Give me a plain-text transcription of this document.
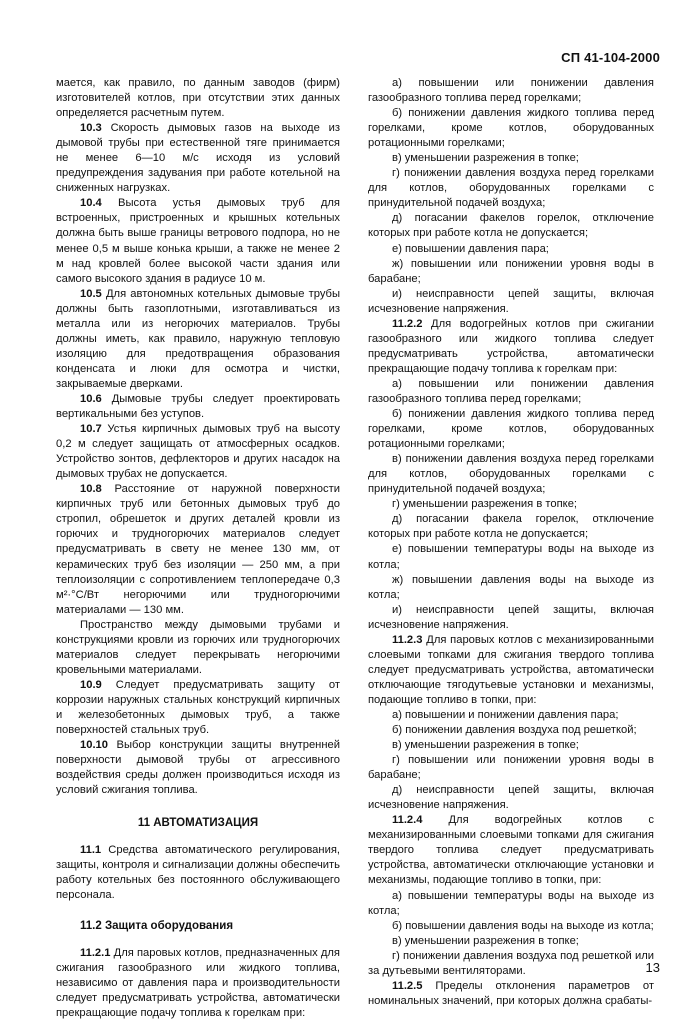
СП 41-104-2000

мается, как правило, по данным заводов (фирм) изготовителей котлов, при отсутствии этих данных определяется расчетным путем.

10.3 Скорость дымовых газов на выходе из дымовой трубы при естественной тяге принимается не менее 6—10 м/с исходя из условий предупреждения задувания при работе котельной на сниженных нагрузках.

10.4 Высота устья дымовых труб для встроенных, пристроенных и крышных котельных должна быть выше границы ветрового подпора, но не менее 0,5 м выше конька крыши, а также не менее 2 м над кровлей более высокой части здания или самого высокого здания в радиусе 10 м.

10.5 Для автономных котельных дымовые трубы должны быть газоплотными, изготавливаться из металла или из негорючих материалов. Трубы должны иметь, как правило, наружную тепловую изоляцию для предотвращения образования конденсата и люки для осмотра и чистки, закрываемые дверками.

10.6 Дымовые трубы следует проектировать вертикальными без уступов.

10.7 Устья кирпичных дымовых труб на высоту 0,2 м следует защищать от атмосферных осадков. Устройство зонтов, дефлекторов и других насадок на дымовых трубах не допускается.

10.8 Расстояние от наружной поверхности кирпичных труб или бетонных дымовых труб до стропил, обрешеток и других деталей кровли из горючих и трудногорючих материалов следует предусматривать в свету не менее 130 мм, от керамических труб без изоляции — 250 мм, а при теплоизоляции с сопротивлением теплопередаче 0,3 м²·°С/Вт негорючими или трудногорючими материалами — 130 мм.

Пространство между дымовыми трубами и конструкциями кровли из горючих или трудногорючих материалов следует перекрывать негорючими кровельными материалами.

10.9 Следует предусматривать защиту от коррозии наружных стальных конструкций кирпичных и железобетонных дымовых труб, а также поверхностей стальных труб.

10.10 Выбор конструкции защиты внутренней поверхности дымовой трубы от агрессивного воздействия среды должен производиться исходя из условий сжигания топлива.

11 АВТОМАТИЗАЦИЯ

11.1 Средства автоматического регулирования, защиты, контроля и сигнализации должны обеспечить работу котельных без постоянного обслуживающего персонала.

11.2 Защита оборудования

11.2.1 Для паровых котлов, предназначенных для сжигания газообразного или жидкого топлива, независимо от давления пара и производительности следует предусматривать устройства, автоматически прекращающие подачу топлива к горелкам при:

а) повышении или понижении давления газообразного топлива перед горелками;

б) понижении давления жидкого топлива перед горелками, кроме котлов, оборудованных ротационными горелками;

в) уменьшении разрежения в топке;

г) понижении давления воздуха перед горелками для котлов, оборудованных горелками с принудительной подачей воздуха;

д) погасании факелов горелок, отключение которых при работе котла не допускается;

е) повышении давления пара;

ж) повышении или понижении уровня воды в барабане;

и) неисправности цепей защиты, включая исчезновение напряжения.

11.2.2 Для водогрейных котлов при сжигании газообразного или жидкого топлива следует предусматривать устройства, автоматически прекращающие подачу топлива к горелкам при:

а) повышении или понижении давления газообразного топлива перед горелками;

б) понижении давления жидкого топлива перед горелками, кроме котлов, оборудованных ротационными горелками;

в) понижении давления воздуха перед горелками для котлов, оборудованных горелками с принудительной подачей воздуха;

г) уменьшении разрежения в топке;

д) погасании факела горелок, отключение которых при работе котла не допускается;

е) повышении температуры воды на выходе из котла;

ж) повышении давления воды на выходе из котла;

и) неисправности цепей защиты, включая исчезновение напряжения.

11.2.3 Для паровых котлов с механизированными слоевыми топками для сжигания твердого топлива следует предусматривать устройства, автоматически отключающие тягодутьевые установки и механизмы, подающие топливо в топки, при:

а) повышении и понижении давления пара;

б) понижении давления воздуха под решеткой;

в) уменьшении разрежения в топке;

г) повышении или понижении уровня воды в барабане;

д) неисправности цепей защиты, включая исчезновение напряжения.

11.2.4 Для водогрейных котлов с механизированными слоевыми топками для сжигания твердого топлива следует предусматривать устройства, автоматически отключающие установки и механизмы, подающие топливо в топки, при:

а) повышении температуры воды на выходе из котла;

б) повышении давления воды на выходе из котла;

в) уменьшении разрежения в топке;

г) понижении давления воздуха под решеткой или за дутьевыми вентиляторами.

11.2.5 Пределы отклонения параметров от номинальных значений, при которых должна срабаты-

13
